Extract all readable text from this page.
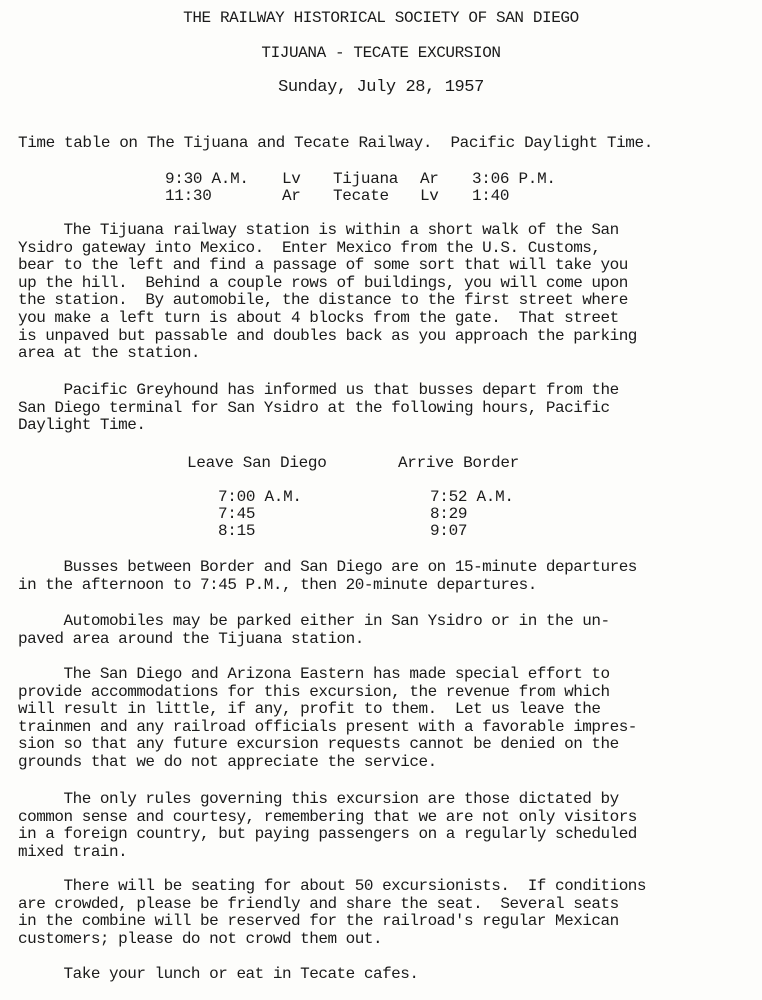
THE RAILWAY HISTORICAL SOCIETY OF SAN DIEGO
TIJUANA - TECATE EXCURSION
Sunday, July 28, 1957
Time table on The Tijuana and Tecate Railway.  Pacific Daylight Time.
9:30 A.M. Lv Tijuana Ar 3:06 P.M.
11:30	Ar Tecate Lv 1:40
The Tijuana railway station is within a short walk of the San
Ysidro gateway into Mexico.  Enter Mexico from the U.S. Customs,
bear to the left and find a passage of some sort that will take you
up the hill.  Behind a couple rows of buildings, you will come upon
the station.  By automobile, the distance to the first street where
you make a left turn is about 4 blocks from the gate.  That street
is unpaved but passable and doubles back as you approach the parking
area at the station.
Pacific Greyhound has informed us that busses depart from the
San Diego terminal for San Ysidro at the following hours, Pacific
Daylight Time.
Leave San Diego	Arrive Border
7:00 A.M.
7:45
8:15
7:52 A.M.
8:29
9:07
Busses between Border and San Diego are on 15-minute departures
in the afternoon to 7:45 P.M., then 20-minute departures.
Automobiles may be parked either in San Ysidro or in the un-
paved area around the Tijuana station.
The San Diego and Arizona Eastern has made special effort to
provide accommodations for this excursion, the revenue from which
will result in little, if any, profit to them.  Let us leave the
trainmen and any railroad officials present with a favorable impres-
sion so that any future excursion requests cannot be denied on the
grounds that we do not appreciate the service.
The only rules governing this excursion are those dictated by
common sense and courtesy, remembering that we are not only visitors
in a foreign country, but paying passengers on a regularly scheduled
mixed train.
There will be seating for about 50 excursionists.  If conditions
are crowded, please be friendly and share the seat.  Several seats
in the combine will be reserved for the railroad's regular Mexican
customers; please do not crowd them out.
Take your lunch or eat in Tecate cafes.
